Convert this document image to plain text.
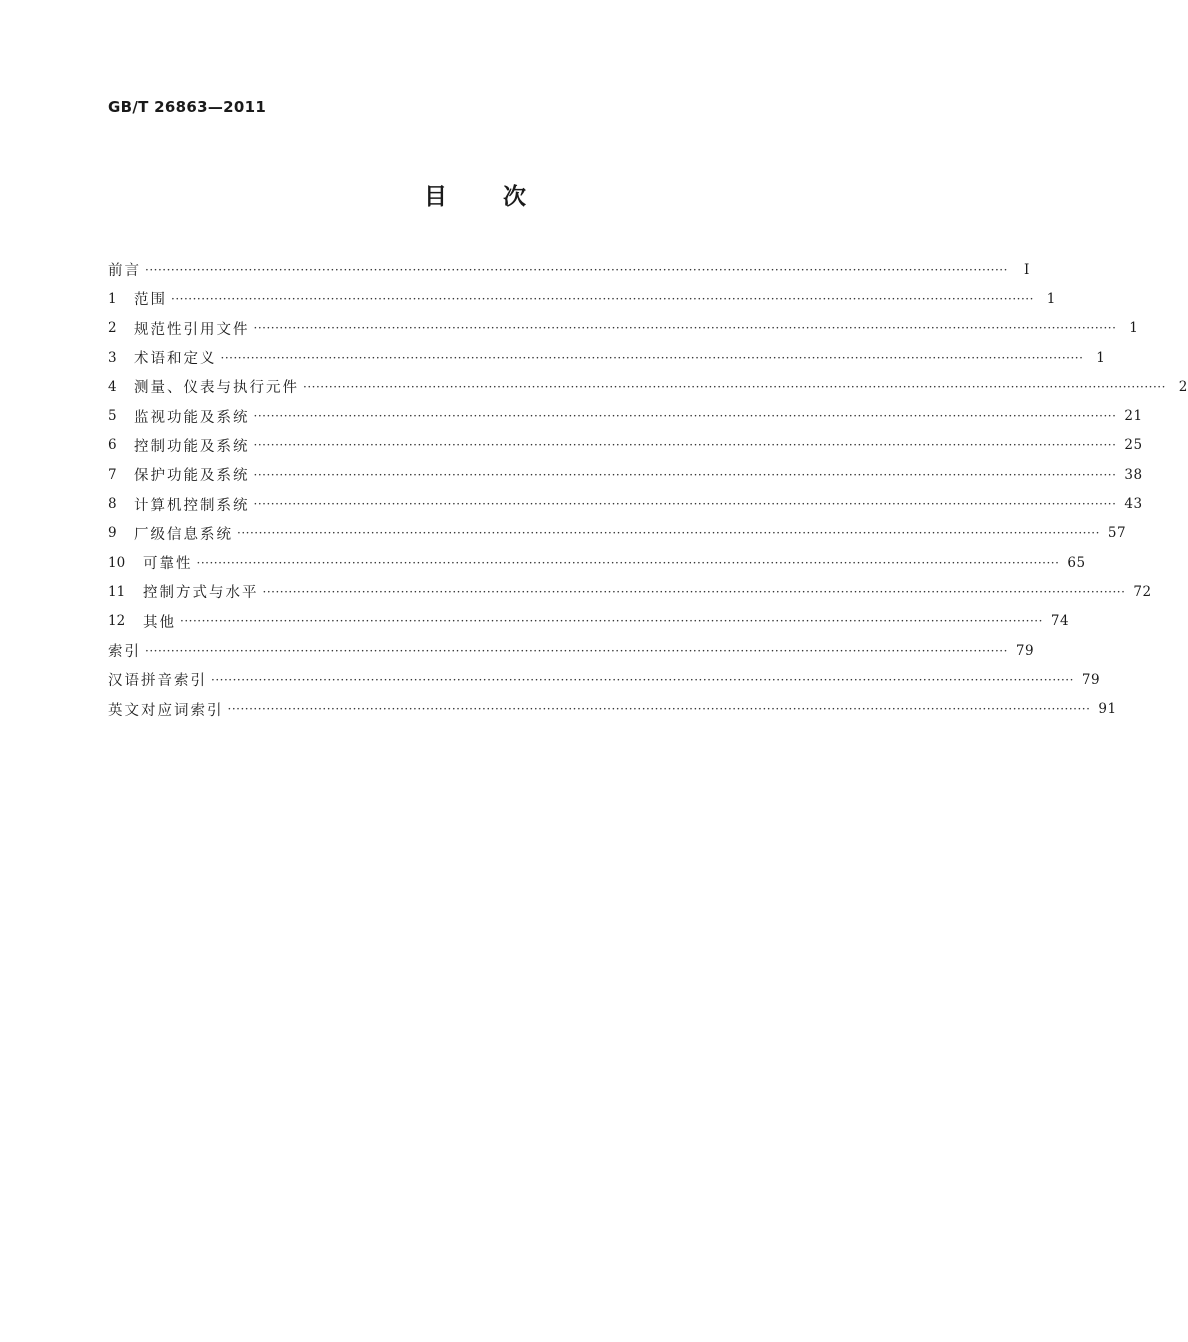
GB/T 26863—2011
目 次
前言 ········································································································································································································	Ⅰ
1	范围 ········································································································································································································ 1
2	规范性引用文件 ········································································································································································································ 1
3	术语和定义 ········································································································································································································ 1
4	测量、仪表与执行元件 ········································································································································································································ 2
5	监视功能及系统 ········································································································································································································ 21
6	控制功能及系统 ········································································································································································································ 25
7	保护功能及系统 ········································································································································································································ 38
8	计算机控制系统 ········································································································································································································ 43
9	厂级信息系统 ········································································································································································································ 57
10	可靠性 ········································································································································································································ 65
11	控制方式与水平 ········································································································································································································ 72
12	其他 ········································································································································································································ 74
索引 ········································································································································································································ 79
汉语拼音索引 ········································································································································································································ 79
英文对应词索引 ········································································································································································································ 91
